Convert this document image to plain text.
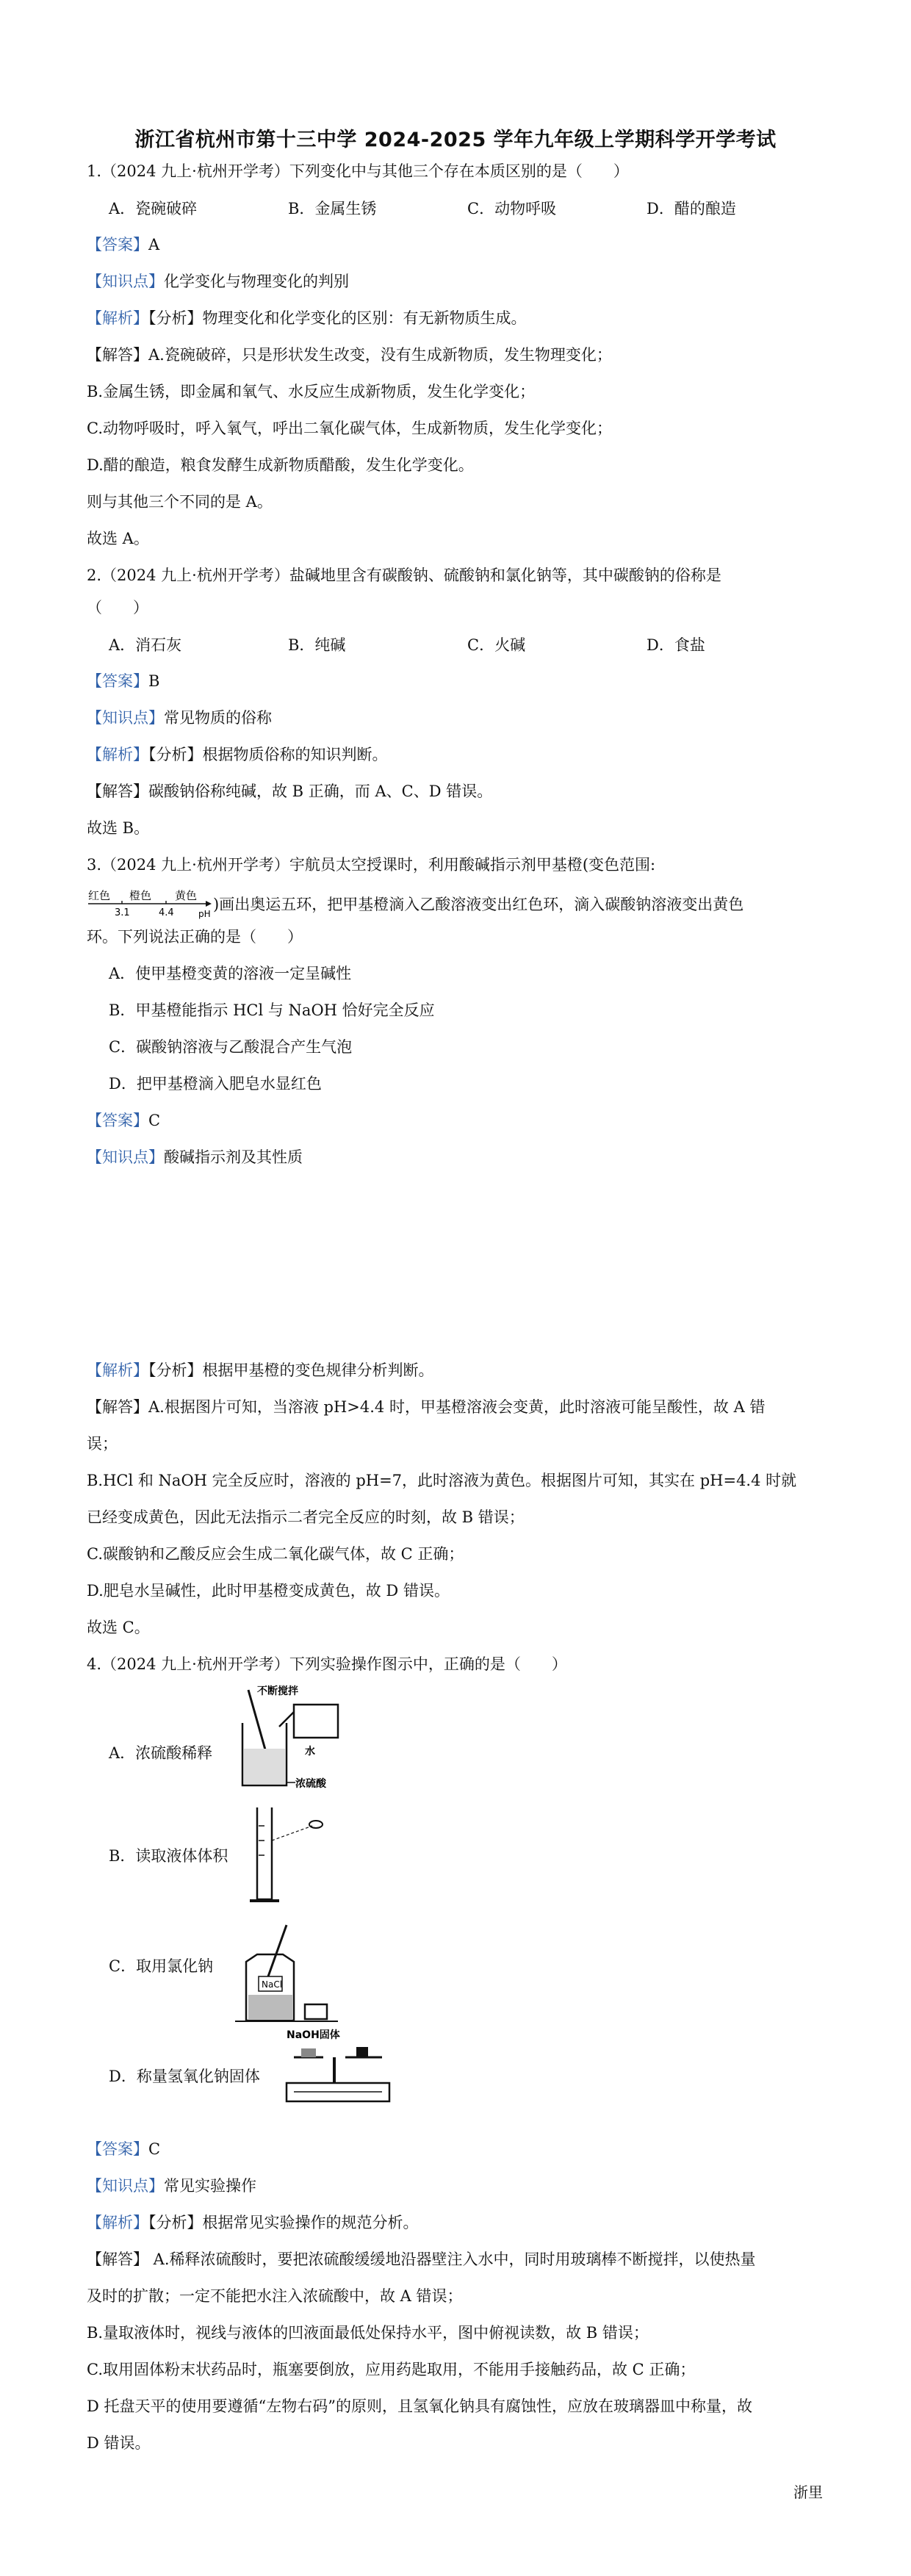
浙江省杭州市第十三中学 2024-2025 学年九年级上学期科学开学考试
1.（2024 九上·杭州开学考）下列变化中与其他三个存在本质区别的是（　　）
A．瓷碗破碎	B．金属生锈	C．动物呼吸	D．醋的酿造
【答案】A
【知识点】化学变化与物理变化的判别
【解析】【分析】物理变化和化学变化的区别：有无新物质生成。
【解答】A.瓷碗破碎，只是形状发生改变，没有生成新物质，发生物理变化；
B.金属生锈，即金属和氧气、水反应生成新物质，发生化学变化；
C.动物呼吸时，呼入氧气，呼出二氧化碳气体，生成新物质，发生化学变化；
D.醋的酿造，粮食发酵生成新物质醋酸，发生化学变化。
则与其他三个不同的是 A。
故选 A。
2.（2024 九上·杭州开学考）盐碱地里含有碳酸钠、硫酸钠和氯化钠等，其中碳酸钠的俗称是
（　　）
A．消石灰	B．纯碱	C．火碱	D．食盐
【答案】B
【知识点】常见物质的俗称
【解析】【分析】根据物质俗称的知识判断。
【解答】碳酸钠俗称纯碱，故 B 正确，而 A、C、D 错误。
故选 B。
3.（2024 九上·杭州开学考）宇航员太空授课时，利用酸碱指示剂甲基橙(变色范围:
红色 橙色 黄色
3.1	4.4	pH
)画出奥运五环，把甲基橙滴入乙酸溶液变出红色环，滴入碳酸钠溶液变出黄色
环。下列说法正确的是（　　）
A．使甲基橙变黄的溶液一定呈碱性
B．甲基橙能指示 HCl 与 NaOH 恰好完全反应
C．碳酸钠溶液与乙酸混合产生气泡
D．把甲基橙滴入肥皂水显红色
【答案】C
【知识点】酸碱指示剂及其性质
【解析】【分析】根据甲基橙的变色规律分析判断。
【解答】A.根据图片可知，当溶液 pH>4.4 时，甲基橙溶液会变黄，此时溶液可能呈酸性，故 A 错
误；
B.HCl 和 NaOH 完全反应时，溶液的 pH=7，此时溶液为黄色。根据图片可知，其实在 pH=4.4 时就
已经变成黄色，因此无法指示二者完全反应的时刻，故 B 错误；
C.碳酸钠和乙酸反应会生成二氧化碳气体，故 C 正确；
D.肥皂水呈碱性，此时甲基橙变成黄色，故 D 错误。
故选 C。
4.（2024 九上·杭州开学考）下列实验操作图示中，正确的是（　　）
A．浓硫酸稀释
不断搅拌
水
浓硫酸
B．读取液体体积
C．取用氯化钠
NaCl
D．称量氢氧化钠固体
NaOH固体
【答案】C
【知识点】常见实验操作
【解析】【分析】根据常见实验操作的规范分析。
【解答】 A.稀释浓硫酸时，要把浓硫酸缓缓地沿器壁注入水中，同时用玻璃棒不断搅拌，以使热量
及时的扩散；一定不能把水注入浓硫酸中，故 A 错误；
B.量取液体时，视线与液体的凹液面最低处保持水平，图中俯视读数，故 B 错误；
C.取用固体粉末状药品时，瓶塞要倒放，应用药匙取用，不能用手接触药品，故 C 正确；
D 托盘天平的使用要遵循“左物右码”的原则，且氢氧化钠具有腐蚀性，应放在玻璃器皿中称量，故
D 错误。
浙里
